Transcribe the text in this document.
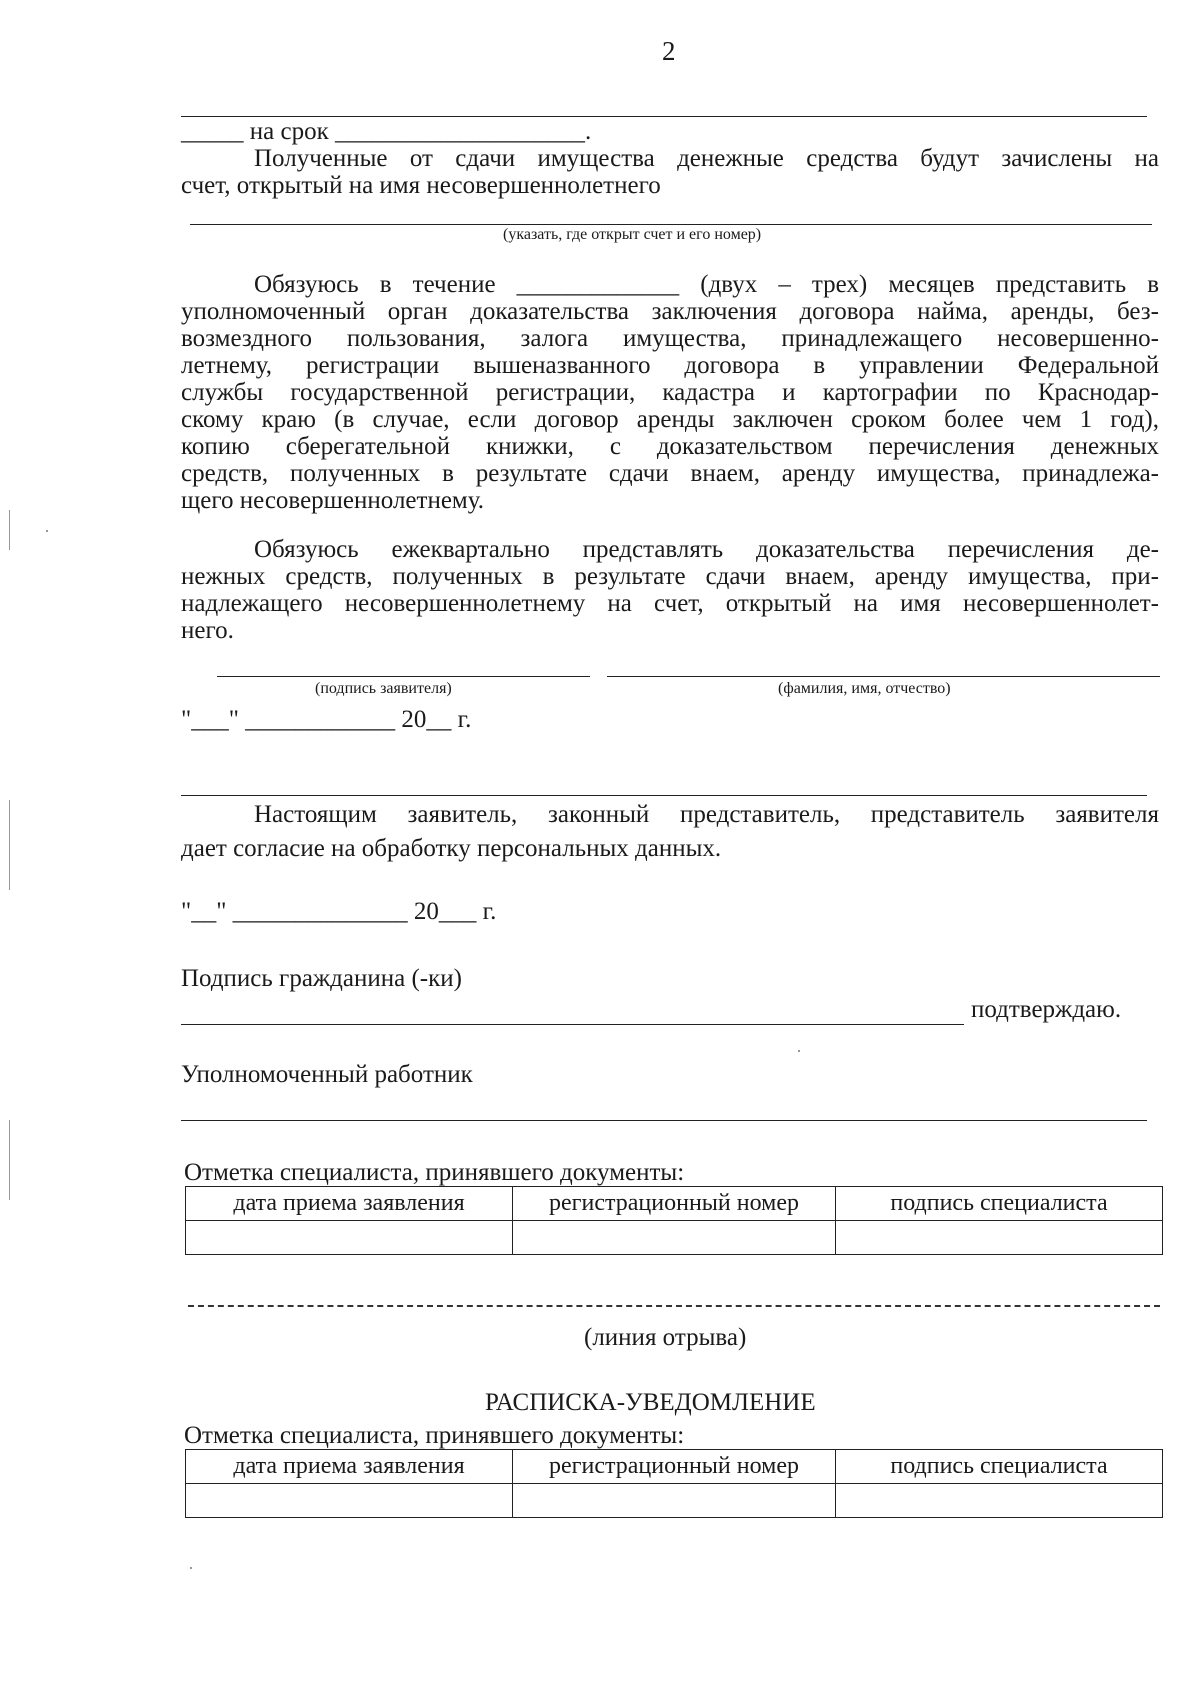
2
_____ на срок ____________________.
Полученные от сдачи имущества денежные средства будут зачислены на
счет, открытый на имя несовершеннолетнего
(указать, где открыт счет и его номер)
Обязуюсь в течение _____________ (двух – трех) месяцев представить в
уполномоченный орган доказательства заключения договора найма, аренды, без-
возмездного пользования, залога имущества, принадлежащего несовершенно-
летнему, регистрации вышеназванного договора в управлении Федеральной
службы государственной регистрации, кадастра и картографии по Краснодар-
скому краю (в случае, если договор аренды заключен сроком более чем 1 год),
копию сберегательной книжки, с доказательством перечисления денежных
средств, полученных в результате сдачи внаем, аренду имущества, принадлежа-
щего несовершеннолетнему.
Обязуюсь ежеквартально представлять доказательства перечисления де-
нежных средств, полученных в результате сдачи внаем, аренду имущества, при-
надлежащего несовершеннолетнему на счет, открытый на имя несовершеннолет-
него.
(подпись заявителя)	(фамилия, имя, отчество)
"___" ____________ 20__ г.
Настоящим заявитель, законный представитель, представитель заявителя
дает согласие на обработку персональных данных.
"__" ______________ 20___ г.
Подпись гражданина (-ки)
подтверждаю.
Уполномоченный работник
Отметка специалиста, принявшего документы:
дата приема заявления	регистрационный номер	подпись специалиста

(линия отрыва)
РАСПИСКА-УВЕДОМЛЕНИЕ
Отметка специалиста, принявшего документы:
дата приема заявления	регистрационный номер	подпись специалиста
